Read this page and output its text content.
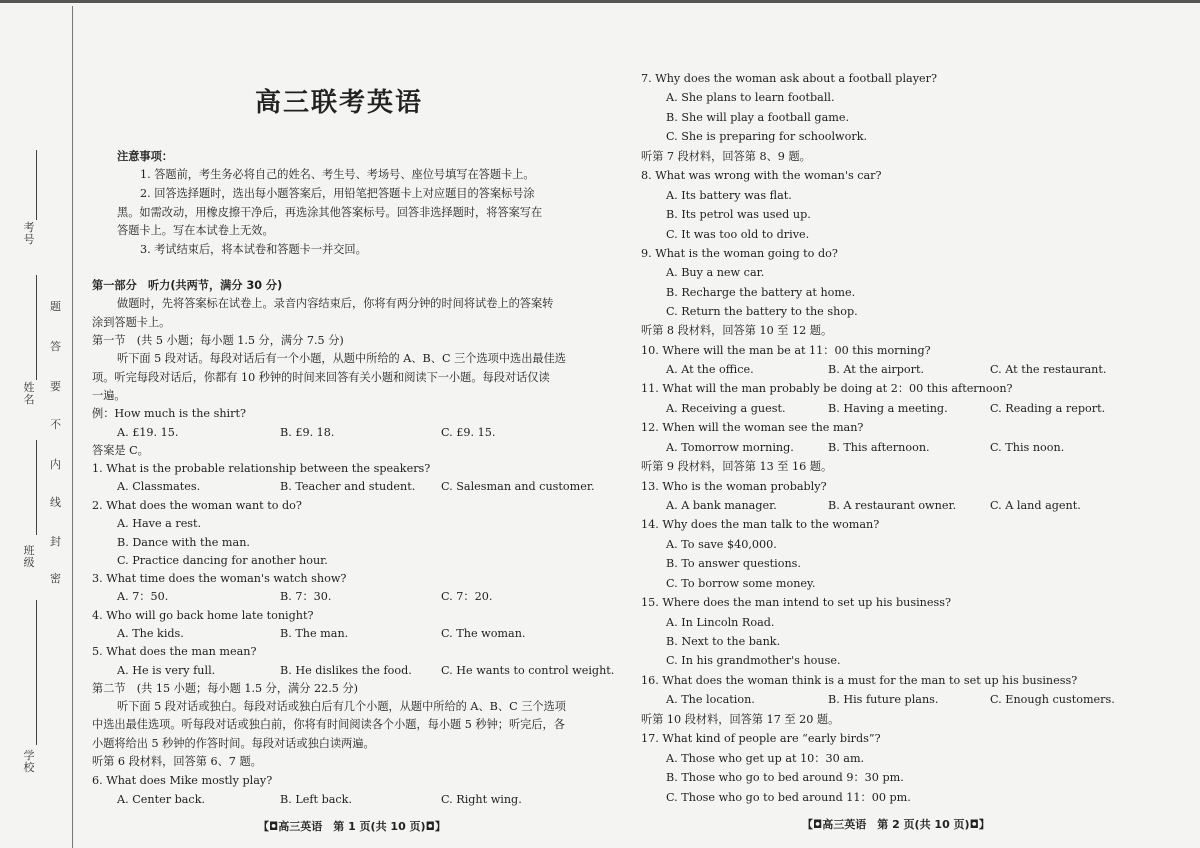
考号
姓名
班级
学校
题
答
要
不
内
线
封
密
高三联考英语
注意事项：
1. 答题前，考生务必将自己的姓名、考生号、考场号、座位号填写在答题卡上。
2. 回答选择题时，选出每小题答案后，用铅笔把答题卡上对应题目的答案标号涂
黑。如需改动，用橡皮擦干净后，再选涂其他答案标号。回答非选择题时，将答案写在
答题卡上。写在本试卷上无效。
3. 考试结束后，将本试卷和答题卡一并交回。
第一部分　听力(共两节，满分 30 分)
做题时，先将答案标在试卷上。录音内容结束后，你将有两分钟的时间将试卷上的答案转
涂到答题卡上。
第一节　(共 5 小题；每小题 1.5 分，满分 7.5 分)
听下面 5 段对话。每段对话后有一个小题，从题中所给的 A、B、C 三个选项中选出最佳选
项。听完每段对话后，你都有 10 秒钟的时间来回答有关小题和阅读下一小题。每段对话仅读
一遍。
例：How much is the shirt?
A. £19. 15.	B. £9. 18.	C. £9. 15.
答案是 C。
1. What is the probable relationship between the speakers?
A. Classmates.	B. Teacher and student. C. Salesman and customer.
2. What does the woman want to do?
A. Have a rest.
B. Dance with the man.
C. Practice dancing for another hour.
3. What time does the woman's watch show?
A. 7：50.	B. 7：30.	C. 7：20.
4. Who will go back home late tonight?
A. The kids.	B. The man.	C. The woman.
5. What does the man mean?
A. He is very full.	B. He dislikes the food.	C. He wants to control weight.
第二节　(共 15 小题；每小题 1.5 分，满分 22.5 分)
听下面 5 段对话或独白。每段对话或独白后有几个小题，从题中所给的 A、B、C 三个选项
中选出最佳选项。听每段对话或独白前，你将有时间阅读各个小题，每小题 5 秒钟；听完后，各
小题将给出 5 秒钟的作答时间。每段对话或独白读两遍。
听第 6 段材料，回答第 6、7 题。
6. What does Mike mostly play?
A. Center back.	B. Left back.	C. Right wing.
【◘高三英语　第 1 页(共 10 页)◘】
7. Why does the woman ask about a football player?
A. She plans to learn football.
B. She will play a football game.
C. She is preparing for schoolwork.
听第 7 段材料，回答第 8、9 题。
8. What was wrong with the woman's car?
A. Its battery was flat.
B. Its petrol was used up.
C. It was too old to drive.
9. What is the woman going to do?
A. Buy a new car.
B. Recharge the battery at home.
C. Return the battery to the shop.
听第 8 段材料，回答第 10 至 12 题。
10. Where will the man be at 11：00 this morning?
A. At the office.	B. At the airport.	C. At the restaurant.
11. What will the man probably be doing at 2：00 this afternoon?
A. Receiving a guest.	B. Having a meeting.	C. Reading a report.
12. When will the woman see the man?
A. Tomorrow morning.	B. This afternoon.	C. This noon.
听第 9 段材料，回答第 13 至 16 题。
13. Who is the woman probably?
A. A bank manager.	B. A restaurant owner.	C. A land agent.
14. Why does the man talk to the woman?
A. To save $40,000.
B. To answer questions.
C. To borrow some money.
15. Where does the man intend to set up his business?
A. In Lincoln Road.
B. Next to the bank.
C. In his grandmother's house.
16. What does the woman think is a must for the man to set up his business?
A. The location.	B. His future plans.	C. Enough customers.
听第 10 段材料，回答第 17 至 20 题。
17. What kind of people are “early birds”?
A. Those who get up at 10：30 am.
B. Those who go to bed around 9：30 pm.
C. Those who go to bed around 11：00 pm.
【◘高三英语　第 2 页(共 10 页)◘】
